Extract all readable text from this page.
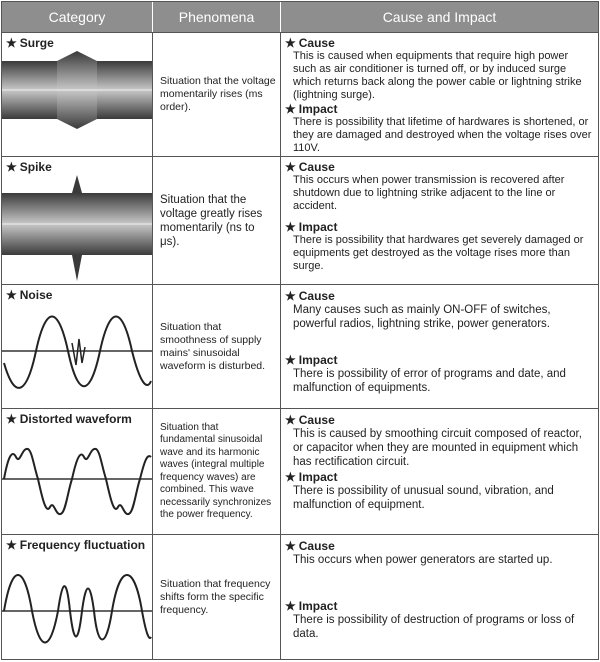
Category	Phenomena	Cause and Impact
★ Surge
Situation that the voltage momentarily rises (ms order).
★ Cause
This is caused when equipments that require high power such as air conditioner is turned off, or by induced surge which returns back along the power cable or lightning strike (lightning surge).
★ Impact
There is possibility that lifetime of hardwares is shortened, or they are damaged and destroyed when the voltage rises over 110V.
★ Spike
Situation that the voltage greatly rises momentarily (ns to μs).
★ Cause
This occurs when power transmission is recovered after shutdown due to lightning strike adjacent to the line or accident.
★ Impact
There is possibility that hardwares get severely damaged or equipments get destroyed as the voltage rises more than surge.
★ Noise
Situation that smoothness of supply mains' sinusoidal waveform is disturbed.
★ Cause
Many causes such as mainly ON-OFF of switches, powerful radios, lightning strike, power generators.
★ Impact
There is possibility of error of programs and date, and malfunction of equipments.
★ Distorted waveform
Situation that fundamental sinusoidal wave and its harmonic waves (integral multiple frequency waves) are combined. This wave necessarily synchronizes the power frequency.
★ Cause
This is caused by smoothing circuit composed of reactor, or capacitor when they are mounted in equipment which has rectification circuit.
★ Impact
There is possibility of unusual sound, vibration, and malfunction of equipment.
★ Frequency fluctuation
Situation that frequency shifts form the specific frequency.
★ Cause
This occurs when power generators are started up.
★ Impact
There is possibility of destruction of programs or loss of data.
